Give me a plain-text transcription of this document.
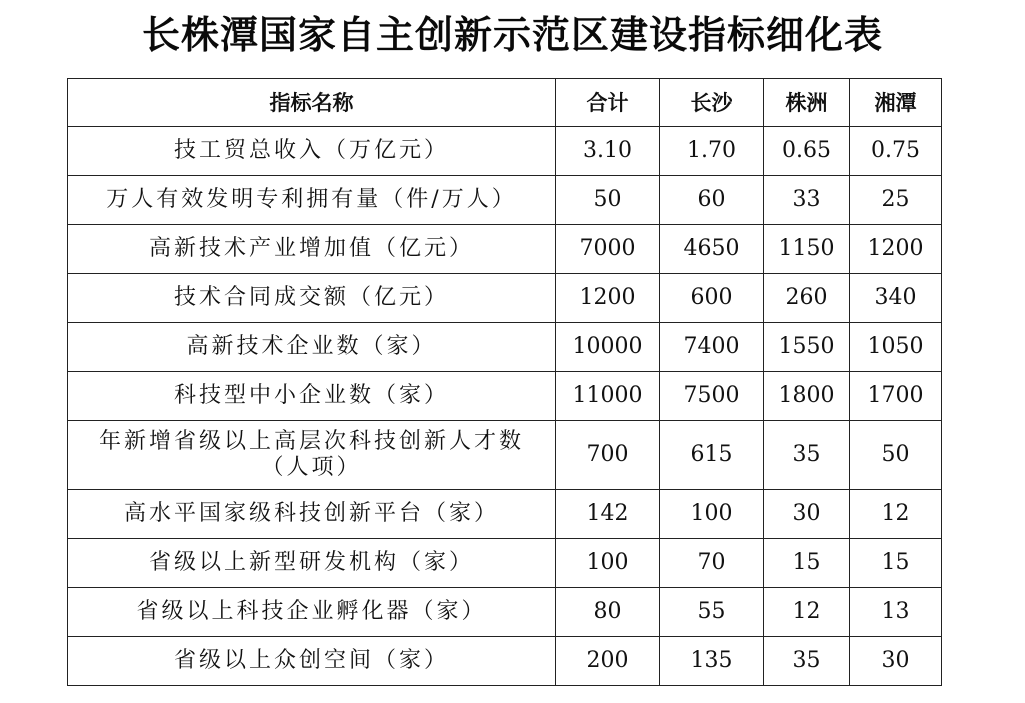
长株潭国家自主创新示范区建设指标细化表
指标名称	合计	长沙	株洲	湘潭
技工贸总收入（万亿元）	3.10	1.70	0.65	0.75
万人有效发明专利拥有量（件/万人）	50	60	33	25
高新技术产业增加值（亿元）	7000	4650	1150	1200
技术合同成交额（亿元）	1200	600	260	340
高新技术企业数（家）	10000	7400	1550	1050
科技型中小企业数（家）	11000	7500	1800	1700
年新增省级以上高层次科技创新人才数（人项）	700	615	35	50
高水平国家级科技创新平台（家）	142	100	30	12
省级以上新型研发机构（家）	100	70	15	15
省级以上科技企业孵化器（家）	80	55	12	13
省级以上众创空间（家）	200	135	35	30
